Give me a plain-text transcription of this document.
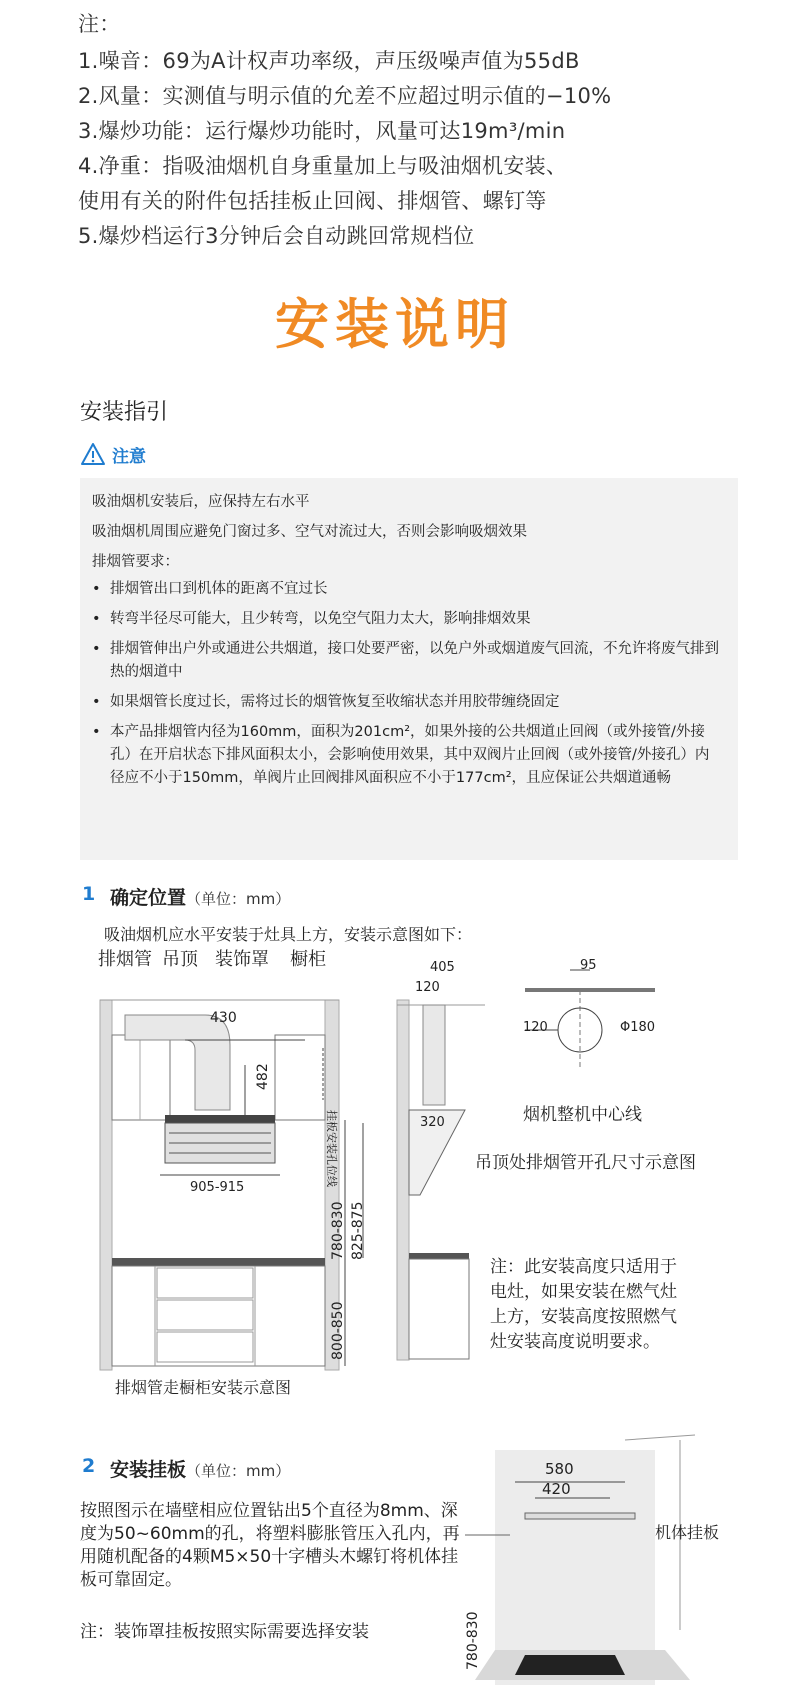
注：
1.噪音：69为A计权声功率级，声压级噪声值为55dB
2.风量：实测值与明示值的允差不应超过明示值的−10%
3.爆炒功能：运行爆炒功能时，风量可达19m³/min
4.净重：指吸油烟机自身重量加上与吸油烟机安装、
使用有关的附件包括挂板止回阀、排烟管、螺钉等
5.爆炒档运行3分钟后会自动跳回常规档位
安装说明
安装指引
注意
吸油烟机安装后，应保持左右水平
吸油烟机周围应避免门窗过多、空气对流过大，否则会影响吸烟效果
排烟管要求：
• 排烟管出口到机体的距离不宜过长
• 转弯半径尽可能大，且少转弯，以免空气阻力太大，影响排烟效果
• 排烟管伸出户外或通进公共烟道，接口处要严密，以免户外或烟道废气回流，不允许将废气排到热的烟道中
• 如果烟管长度过长，需将过长的烟管恢复至收缩状态并用胶带缠绕固定
• 本产品排烟管内径为160mm，面积为201cm²，如果外接的公共烟道止回阀（或外接管/外接孔）在开启状态下排风面积太小，会影响使用效果，其中双阀片止回阀（或外接管/外接孔）内径应不小于150mm，单阀片止回阀排风面积应不小于177cm²，且应保证公共烟道通畅
1 确定位置（单位：mm）
吸油烟机应水平安装于灶具上方，安装示意图如下：
排烟管 吊顶 装饰罩 橱柜
430
482
挂板安装孔位线
905-915
780-830 825-875
800-850
排烟管走橱柜安装示意图
405
120
320
95
120	Φ180
烟机整机中心线
吊顶处排烟管开孔尺寸示意图
注：此安装高度只适用于
电灶，如果安装在燃气灶
上方，安装高度按照燃气
灶安装高度说明要求。
2 安装挂板（单位：mm）
按照图示在墙壁相应位置钻出5个直径为8mm、深度为50~60mm的孔，将塑料膨胀管压入孔内，再用随机配备的4颗M5×50十字槽头木螺钉将机体挂板可靠固定。
注：装饰罩挂板按照实际需要选择安装
580
420
机体挂板
780-830
